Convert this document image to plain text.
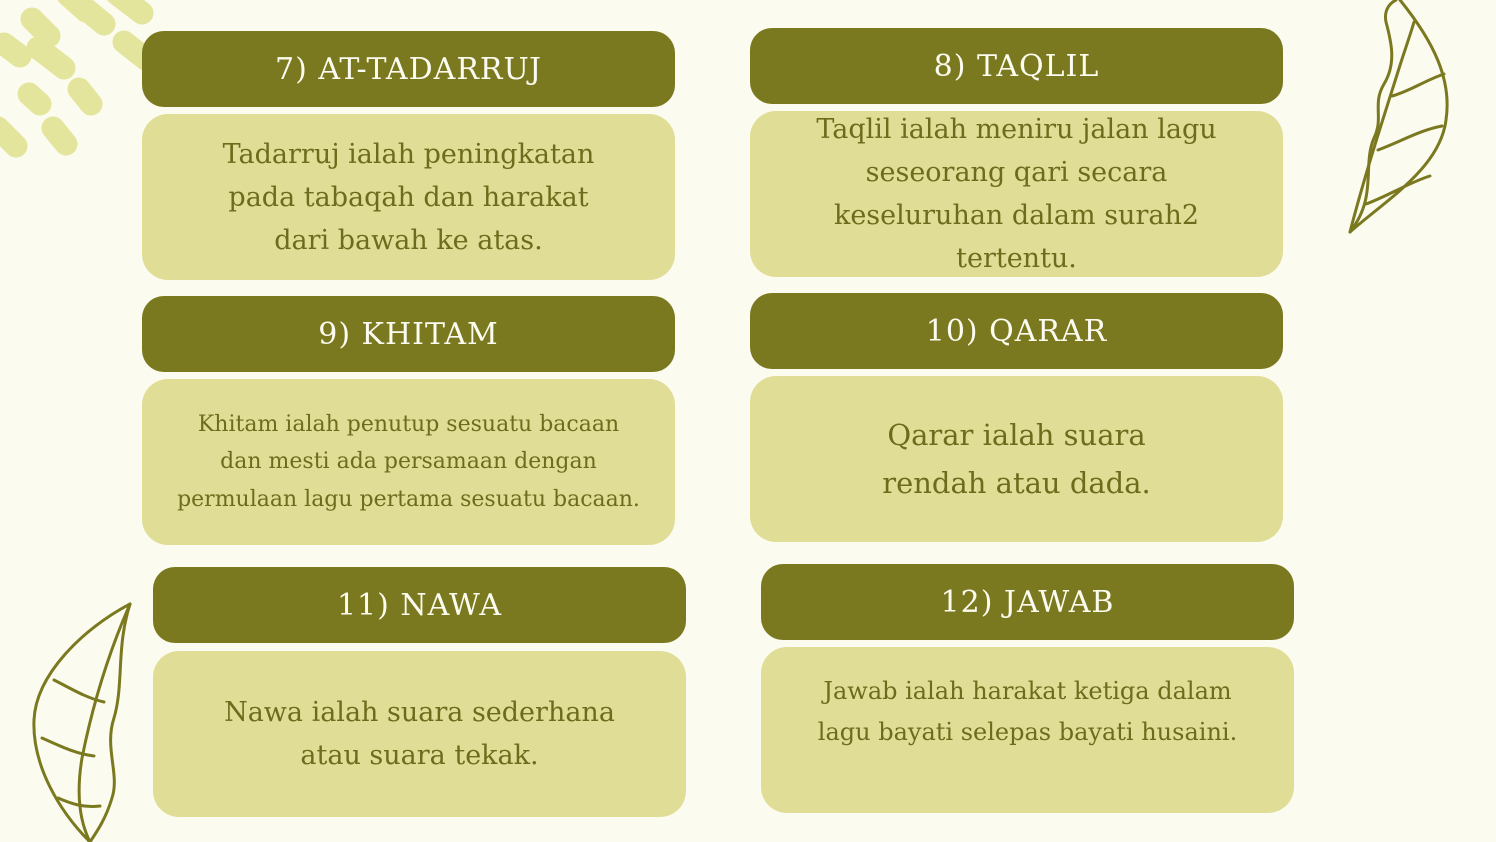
7) AT-TADARRUJ
Tadarruj ialah peningkatan pada tabaqah dan harakat dari bawah ke atas.
8) TAQLIL
Taqlil ialah meniru jalan lagu seseorang qari secara keseluruhan dalam surah2 tertentu.
9) KHITAM
Khitam ialah penutup sesuatu bacaan dan mesti ada persamaan dengan permulaan lagu pertama sesuatu bacaan.
10) QARAR
Qarar ialah suara rendah atau dada.
11) NAWA
Nawa ialah suara sederhana atau suara tekak.
12) JAWAB
Jawab ialah harakat ketiga dalam lagu bayati selepas bayati husaini.
